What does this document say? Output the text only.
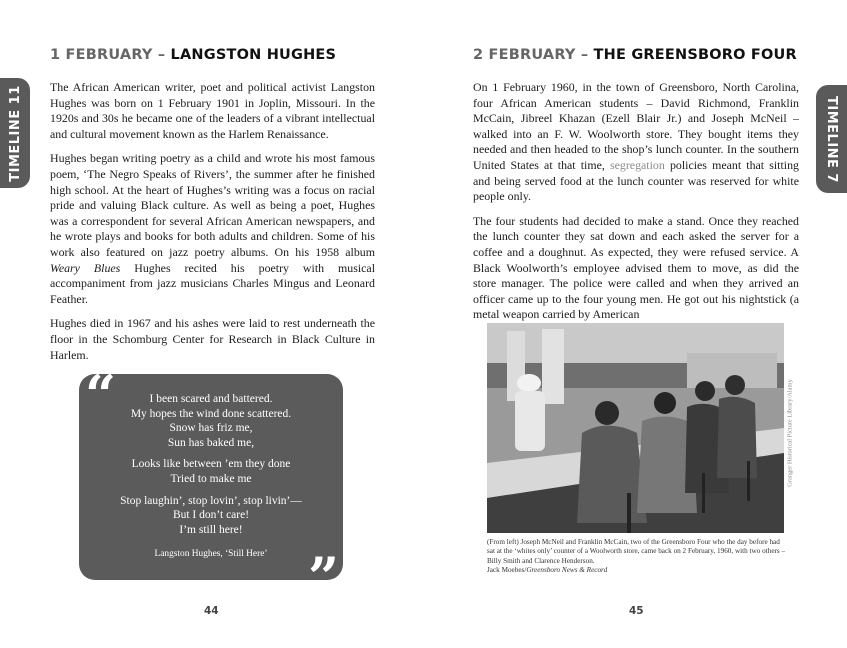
TIMELINE 11
1 FEBRUARY – LANGSTON HUGHES

The African American writer, poet and political activist Langston Hughes was born on 1 February 1901 in Joplin, Missouri. In the 1920s and 30s he became one of the leaders of a vibrant intellectual and cultural movement known as the Harlem Renaissance.

Hughes began writing poetry as a child and wrote his most famous poem, ‘The Negro Speaks of Rivers’, the summer after he finished high school. At the heart of Hughes’s writing was a focus on racial pride and valuing Black culture. As well as being a poet, Hughes was a correspondent for several African American newspapers, and he wrote plays and books for both adults and children. Some of his work also featured on jazz poetry albums. On his 1958 album Weary Blues Hughes recited his poetry with musical accompaniment from jazz musicians Charles Mingus and Leonard Feather.

Hughes died in 1967 and his ashes were laid to rest underneath the floor in the Schomburg Center for Research in Black Culture in Harlem.

“	I been scared and battered.
My hopes the wind done scattered.
Snow has friz me,
Sun has baked me,
Looks like between ’em they done
Tried to make me
Stop laughin’, stop lovin’, stop livin’—
But I don’t care!
I’m still here!
Langston Hughes, ‘Still Here’ ”
44
TIMELINE 7
2 FEBRUARY – THE GREENSBORO FOUR

On 1 February 1960, in the town of Greensboro, North Carolina, four African American students – David Richmond, Franklin McCain, Jibreel Khazan (Ezell Blair Jr.) and Joseph McNeil – walked into an F. W. Woolworth store. They bought items they needed and then headed to the shop’s lunch counter. In the southern United States at that time, segregation policies meant that sitting and being served food at the lunch counter was reserved for white people only.

The four students had decided to make a stand. Once they reached the lunch counter they sat down and each asked the server for a coffee and a doughnut. As expected, they were refused service. A Black Woolworth’s employee advised them to move, as did the store manager. The police were called and when they arrived an officer came up to the four young men. He got out his nightstick (a metal weapon carried by American

Granger Historical Picture Library/Alamy
(From left) Joseph McNeil and Franklin McCain, two of the Greensboro Four who the day before had sat at the ‘whites only’ counter of a Woolworth store, came back on 2 February, 1960, with two others – Billy Smith and Clarence Henderson.
Jack Moebes/Greensboro News & Record
45
